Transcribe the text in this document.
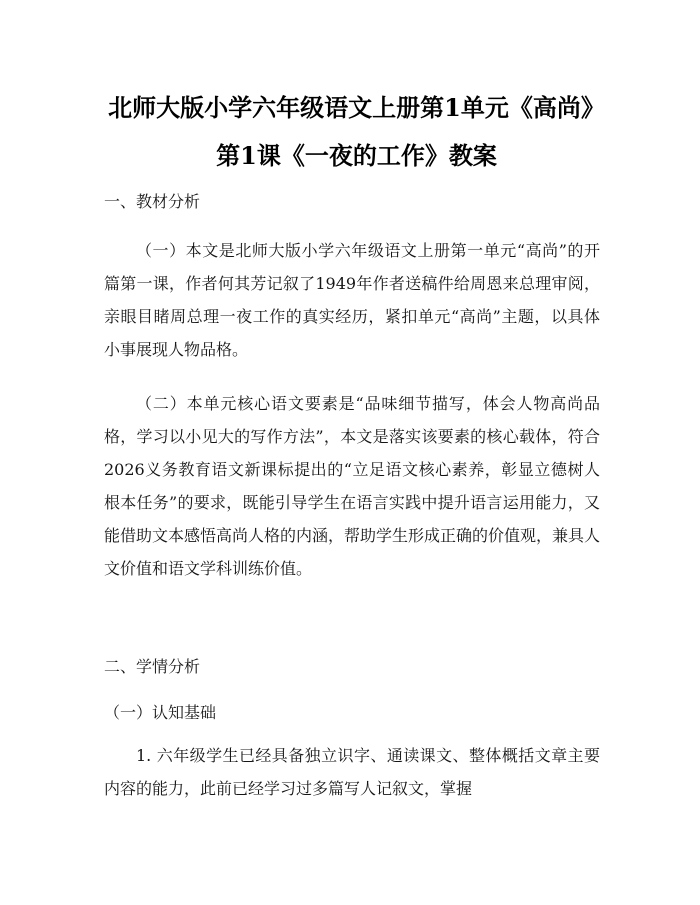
北师大版小学六年级语文上册第1单元《高尚》第1课《一夜的工作》教案

一、教材分析

（一）本文是北师大版小学六年级语文上册第一单元“高尚”的开篇第一课，作者何其芳记叙了1949年作者送稿件给周恩来总理审阅，亲眼目睹周总理一夜工作的真实经历，紧扣单元“高尚”主题，以具体小事展现人物品格。

（二）本单元核心语文要素是“品味细节描写，体会人物高尚品格，学习以小见大的写作方法”，本文是落实该要素的核心载体，符合2026义务教育语文新课标提出的“立足语文核心素养，彰显立德树人根本任务”的要求，既能引导学生在语言实践中提升语言运用能力，又能借助文本感悟高尚人格的内涵，帮助学生形成正确的价值观，兼具人文价值和语文学科训练价值。

二、学情分析

（一）认知基础

1. 六年级学生已经具备独立识字、通读课文、整体概括文章主要内容的能力，此前已经学习过多篇写人记叙文，掌握
